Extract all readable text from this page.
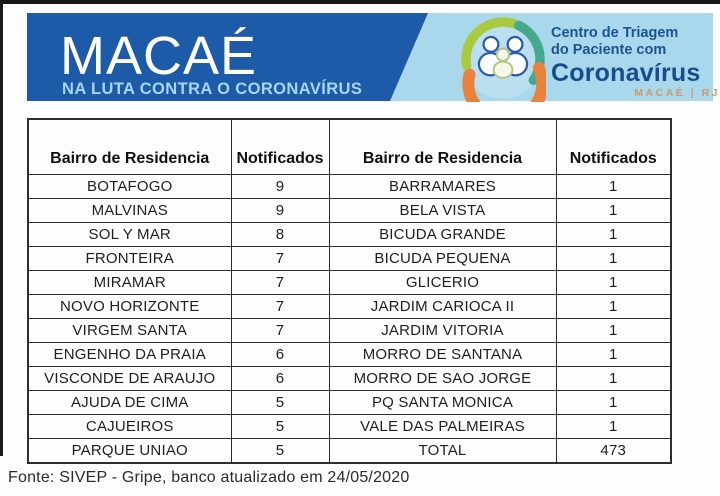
MACAÉ
NA LUTA CONTRA O CORONAVÍRUS
Centro de Triagem
do Paciente com
Coronavírus
MACAÉ | RJ
Bairro de Residencia	Notificados	Bairro de Residencia	Notificados
BOTAFOGO	9	BARRAMARES	1
MALVINAS	9	BELA VISTA	1
SOL Y MAR	8	BICUDA GRANDE	1
FRONTEIRA	7	BICUDA PEQUENA	1
MIRAMAR	7	GLICERIO	1
NOVO HORIZONTE	7	JARDIM CARIOCA II	1
VIRGEM SANTA	7	JARDIM VITORIA	1
ENGENHO DA PRAIA	6	MORRO DE SANTANA	1
VISCONDE DE ARAUJO	6	MORRO DE SAO JORGE	1
AJUDA DE CIMA	5	PQ SANTA MONICA	1
CAJUEIROS	5	VALE DAS PALMEIRAS	1
PARQUE UNIAO	5	TOTAL	473
Fonte: SIVEP - Gripe, banco atualizado em 24/05/2020
